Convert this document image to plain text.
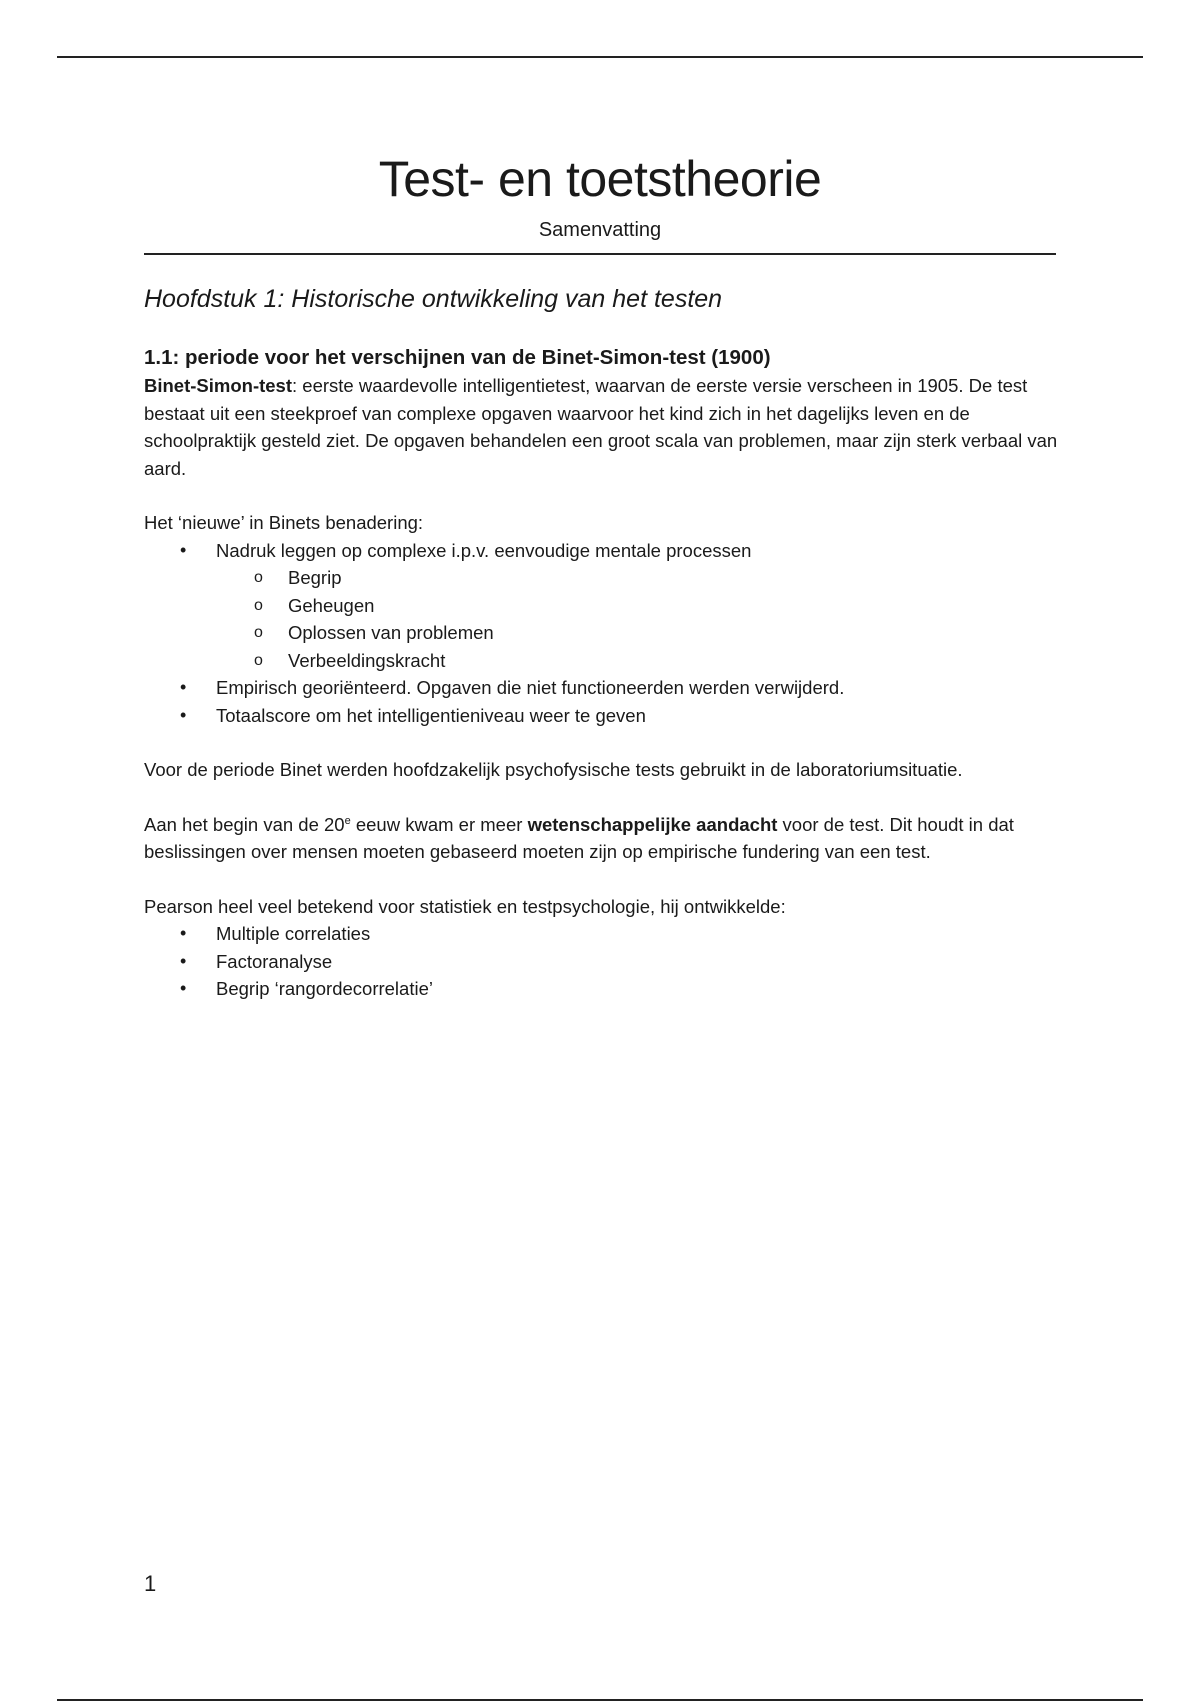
Test- en toetstheorie
Samenvatting
Hoofdstuk 1: Historische ontwikkeling van het testen
1.1: periode voor het verschijnen van de Binet-Simon-test (1900)

Binet-Simon-test: eerste waardevolle intelligentietest, waarvan de eerste versie verscheen in 1905. De test bestaat uit een steekproef van complexe opgaven waarvoor het kind zich in het dagelijks leven en de schoolpraktijk gesteld ziet. De opgaven behandelen een groot scala van problemen, maar zijn sterk verbaal van aard.

Het ‘nieuwe’ in Binets benadering:

• Nadruk leggen op complexe i.p.v. eenvoudige mentale processen
o Begrip
o Geheugen
o Oplossen van problemen
o Verbeeldingskracht
• Empirisch georiënteerd. Opgaven die niet functioneerden werden verwijderd.
• Totaalscore om het intelligentieniveau weer te geven

Voor de periode Binet werden hoofdzakelijk psychofysische tests gebruikt in de laboratoriumsituatie.

Aan het begin van de 20e eeuw kwam er meer wetenschappelijke aandacht voor de test. Dit houdt in dat beslissingen over mensen moeten gebaseerd moeten zijn op empirische fundering van een test.

Pearson heel veel betekend voor statistiek en testpsychologie, hij ontwikkelde:

• Multiple correlaties
• Factoranalyse
• Begrip ‘rangordecorrelatie’
1
